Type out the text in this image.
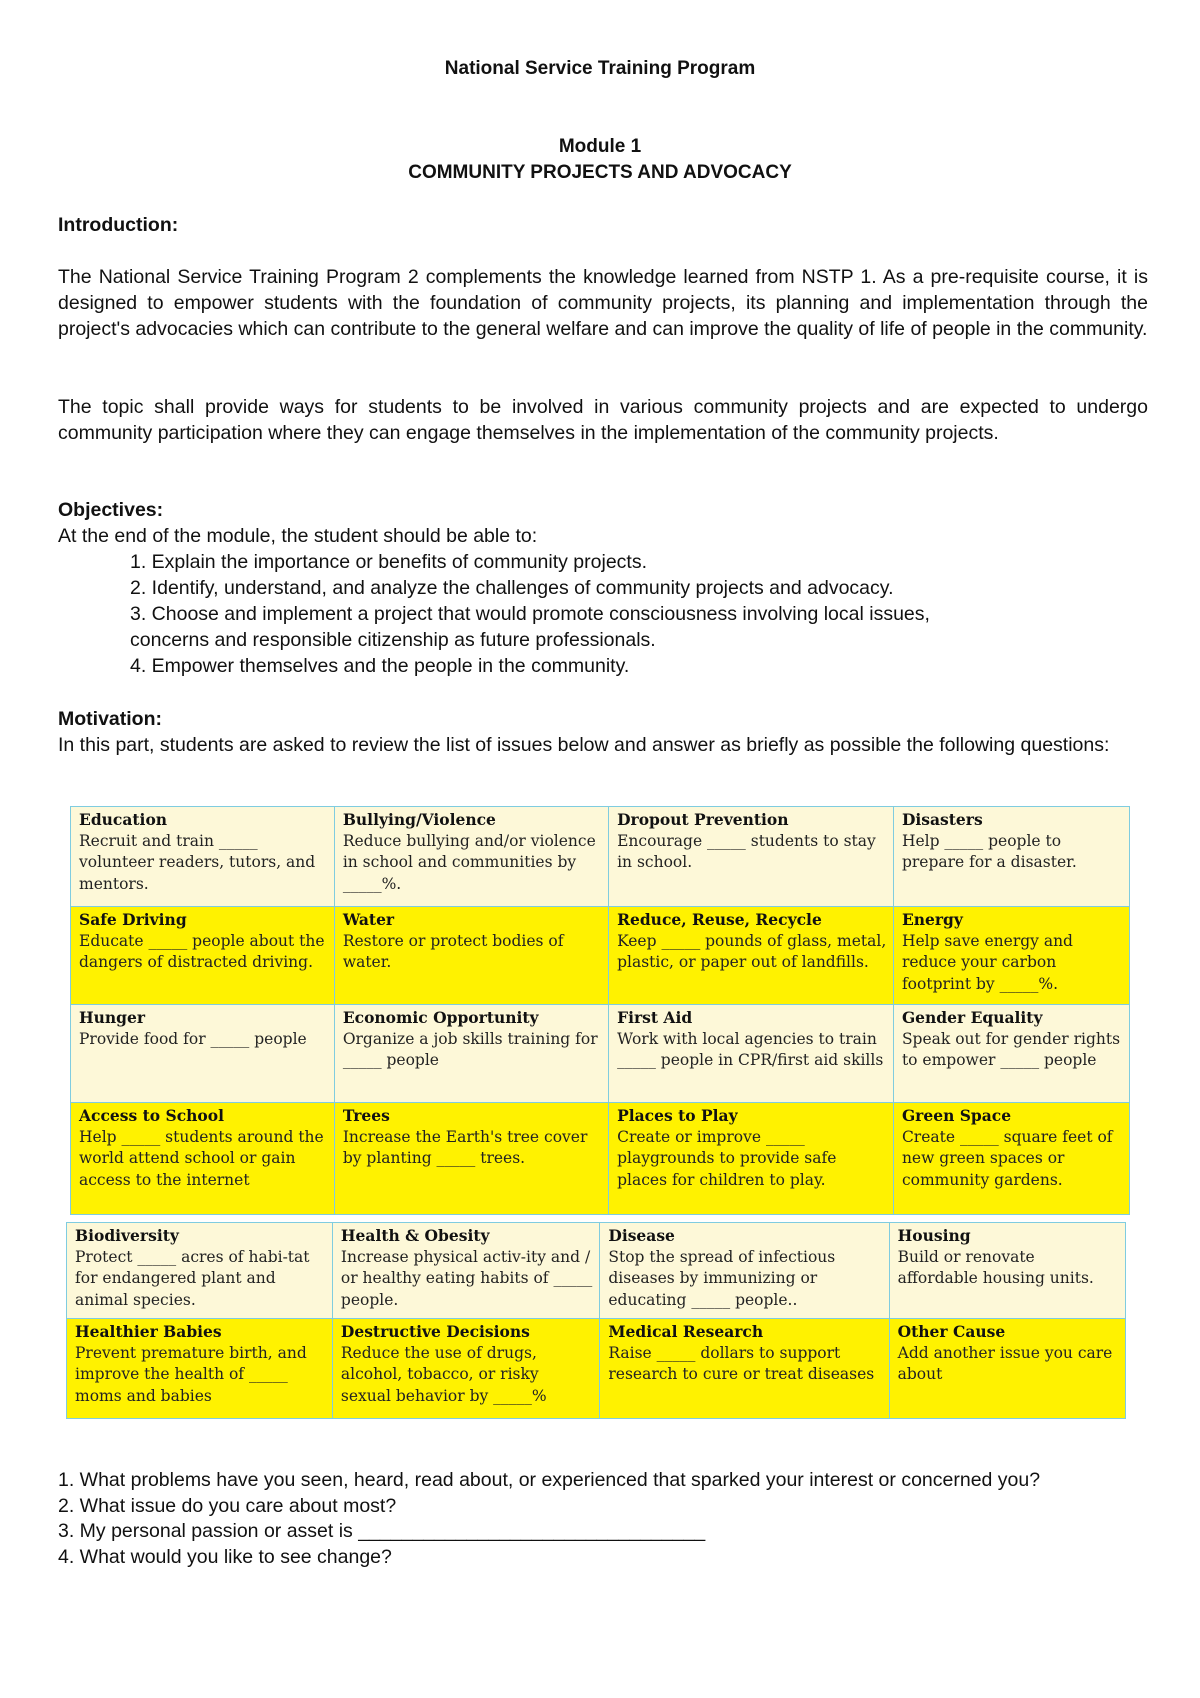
National Service Training Program
Module 1
COMMUNITY PROJECTS AND ADVOCACY
Introduction:
The National Service Training Program 2 complements the knowledge learned from NSTP 1. As a pre-requisite course, it is designed to empower students with the foundation of community projects, its planning and implementation through the project's advocacies which can contribute to the general welfare and can improve the quality of life of people in the community.
The topic shall provide ways for students to be involved in various community projects and are expected to undergo community participation where they can engage themselves in the implementation of the community projects.
Objectives:
At the end of the module, the student should be able to:
1. Explain the importance or benefits of community projects.
2. Identify, understand, and analyze the challenges of community projects and advocacy.
3. Choose and implement a project that would promote consciousness involving local issues,
concerns and responsible citizenship as future professionals.
4. Empower themselves and the people in the community.
Motivation:
In this part, students are asked to review the list of issues below and answer as briefly as possible the following questions:
Education
Recruit and train _____ volunteer readers, tutors, and mentors.	Bullying/Violence
Reduce bullying and/or violence in school and communities by _____%.	Dropout Prevention
Encourage _____ students to stay in school.	Disasters
Help _____ people to prepare for a disaster.

Safe Driving
Educate _____ people about the dangers of distracted driving.	Water
Restore or protect bodies of water.	Reduce, Reuse, Recycle
Keep _____ pounds of glass, metal, plastic, or paper out of landfills.	Energy
Help save energy and reduce your carbon footprint by _____%.

Hunger
Provide food for _____ people	Economic Opportunity
Organize a job skills training for _____ people	First Aid
Work with local agencies to train _____ people in CPR/first aid skills	Gender Equality
Speak out for gender rights to empower _____ people

Access to School
Help _____ students around the world attend school or gain access to the internet	Trees
Increase the Earth's tree cover by planting _____ trees.	Places to Play
Create or improve _____ playgrounds to provide safe places for children to play.	Green Space
Create _____ square feet of new green spaces or community gardens.
Biodiversity
Protect _____ acres of habi-tat for endangered plant and animal species.	Health & Obesity
Increase physical activ-ity and / or healthy eating habits of _____ people.	Disease
Stop the spread of infectious diseases by immunizing or educating _____ people..	Housing
Build or renovate affordable housing units.

Healthier Babies
Prevent premature birth, and improve the health of _____ moms and babies	Destructive Decisions
Reduce the use of drugs, alcohol, tobacco, or risky sexual behavior by _____%	Medical Research
Raise _____ dollars to support research to cure or treat diseases	Other Cause
Add another issue you care about

1. What problems have you seen, heard, read about, or experienced that sparked your interest or concerned you?

2. What issue do you care about most?

3. My personal passion or asset is ________________________________

4. What would you like to see change?
